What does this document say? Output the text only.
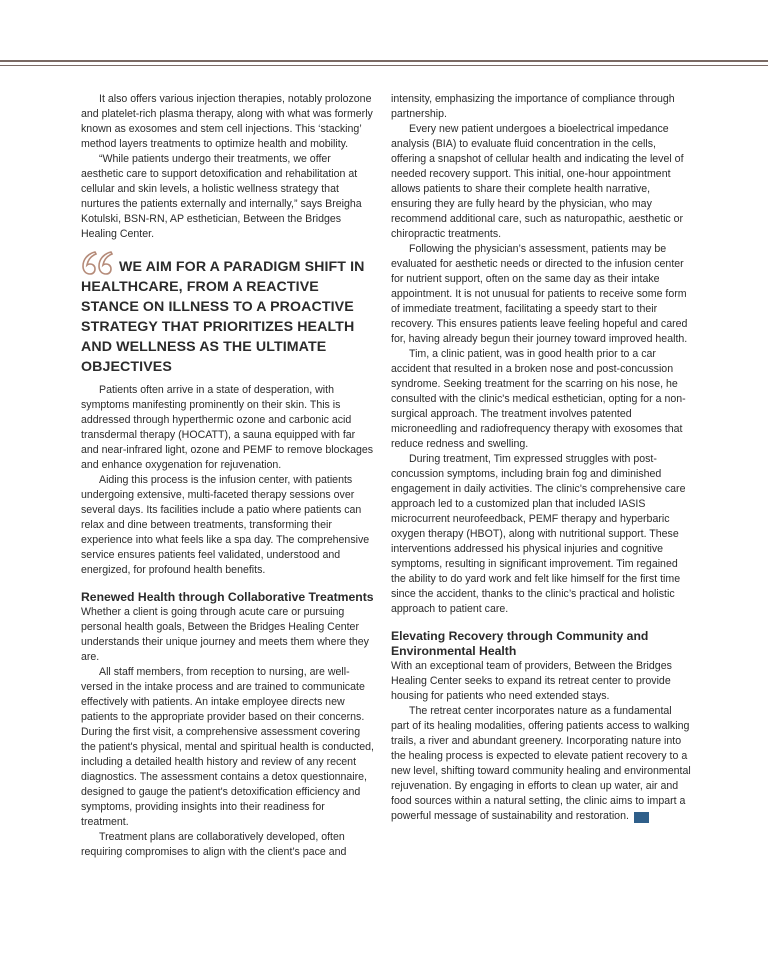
It also offers various injection therapies, notably prolozone and platelet-rich plasma therapy, along with what was formerly known as exosomes and stem cell injections. This ‘stacking’ method layers treatments to optimize health and mobility.

“While patients undergo their treatments, we offer aesthetic care to support detoxification and rehabilitation at cellular and skin levels, a holistic wellness strategy that nurtures the patients externally and internally,” says Breigha Kotulski, BSN-RN, AP esthetician, Between the Bridges Healing Center.

WE AIM FOR A PARADIGM SHIFT IN HEALTHCARE, FROM A REACTIVE STANCE ON ILLNESS TO A PROACTIVE STRATEGY THAT PRIORITIZES HEALTH AND WELLNESS AS THE ULTIMATE OBJECTIVES

Patients often arrive in a state of desperation, with symptoms manifesting prominently on their skin. This is addressed through hyperthermic ozone and carbonic acid transdermal therapy (HOCATT), a sauna equipped with far and near-infrared light, ozone and PEMF to remove blockages and enhance oxygenation for rejuvenation.

Aiding this process is the infusion center, with patients undergoing extensive, multi-faceted therapy sessions over several days. Its facilities include a patio where patients can relax and dine between treatments, transforming their experience into what feels like a spa day. The comprehensive service ensures patients feel validated, understood and energized, for profound health benefits.

Renewed Health through Collaborative Treatments

Whether a client is going through acute care or pursuing personal health goals, Between the Bridges Healing Center understands their unique journey and meets them where they are.

All staff members, from reception to nursing, are well-versed in the intake process and are trained to communicate effectively with patients. An intake employee directs new patients to the appropriate provider based on their concerns. During the first visit, a comprehensive assessment covering the patient's physical, mental and spiritual health is conducted, including a detailed health history and review of any recent diagnostics. The assessment contains a detox questionnaire, designed to gauge the patient's detoxification efficiency and symptoms, providing insights into their readiness for treatment.

Treatment plans are collaboratively developed, often requiring compromises to align with the client’s pace and

intensity, emphasizing the importance of compliance through partnership.

Every new patient undergoes a bioelectrical impedance analysis (BIA) to evaluate fluid concentration in the cells, offering a snapshot of cellular health and indicating the level of needed recovery support. This initial, one-hour appointment allows patients to share their complete health narrative, ensuring they are fully heard by the physician, who may recommend additional care, such as naturopathic, aesthetic or chiropractic treatments.

Following the physician’s assessment, patients may be evaluated for aesthetic needs or directed to the infusion center for nutrient support, often on the same day as their intake appointment. It is not unusual for patients to receive some form of immediate treatment, facilitating a speedy start to their recovery. This ensures patients leave feeling hopeful and cared for, having already begun their journey toward improved health.

Tim, a clinic patient, was in good health prior to a car accident that resulted in a broken nose and post-concussion syndrome. Seeking treatment for the scarring on his nose, he consulted with the clinic's medical esthetician, opting for a non-surgical approach. The treatment involves patented microneedling and radiofrequency therapy with exosomes that reduce redness and swelling.

During treatment, Tim expressed struggles with post-concussion symptoms, including brain fog and diminished engagement in daily activities. The clinic's comprehensive care approach led to a customized plan that included IASIS microcurrent neurofeedback, PEMF therapy and hyperbaric oxygen therapy (HBOT), along with nutritional support. These interventions addressed his physical injuries and cognitive symptoms, resulting in significant improvement. Tim regained the ability to do yard work and felt like himself for the first time since the accident, thanks to the clinic’s practical and holistic approach to patient care.

Elevating Recovery through Community and Environmental Health

With an exceptional team of providers, Between the Bridges Healing Center seeks to expand its retreat center to provide housing for patients who need extended stays.

The retreat center incorporates nature as a fundamental part of its healing modalities, offering patients access to walking trails, a river and abundant greenery. Incorporating nature into the healing process is expected to elevate patient recovery to a new level, shifting toward community healing and environmental rejuvenation. By engaging in efforts to clean up water, air and food sources within a natural setting, the clinic aims to impart a powerful message of sustainability and restoration.	LS
